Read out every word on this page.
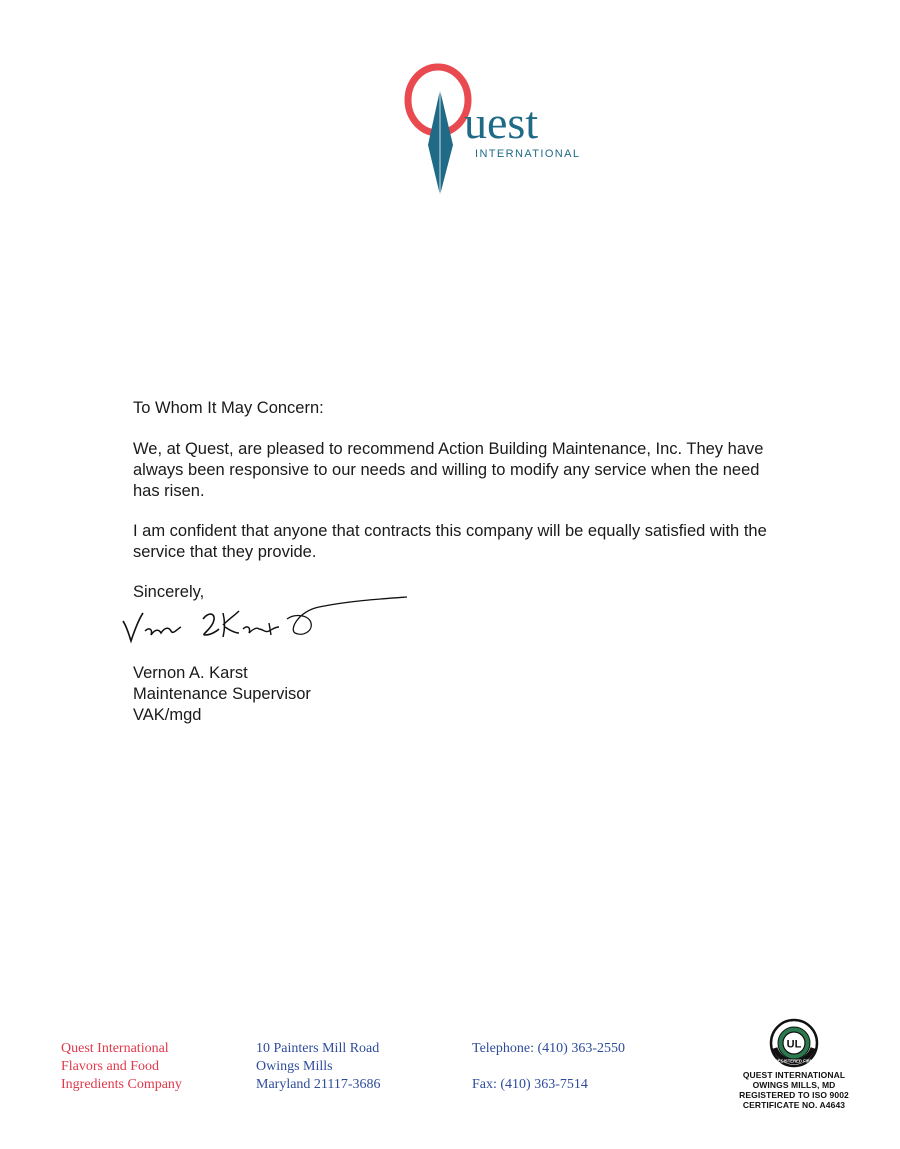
uest
INTERNATIONAL

To Whom It May Concern:

We, at Quest, are pleased to recommend Action Building Maintenance, Inc. They have always been responsive to our needs and willing to modify any service when the need has risen.

I am confident that anyone that contracts this company will be equally satisfied with the service that they provide.

Sincerely,

Vernon A. Karst

Maintenance Supervisor

VAK/mgd

Quest International
Flavors and Food
Ingredients Company
10 Painters Mill Road
Owings Mills
Maryland 21117-3686
Telephone: (410) 363-2550
Fax: (410) 363-7514
UL
REGISTERED FIRM
QUEST INTERNATIONAL
OWINGS MILLS, MD
REGISTERED TO ISO 9002
CERTIFICATE NO. A4643
